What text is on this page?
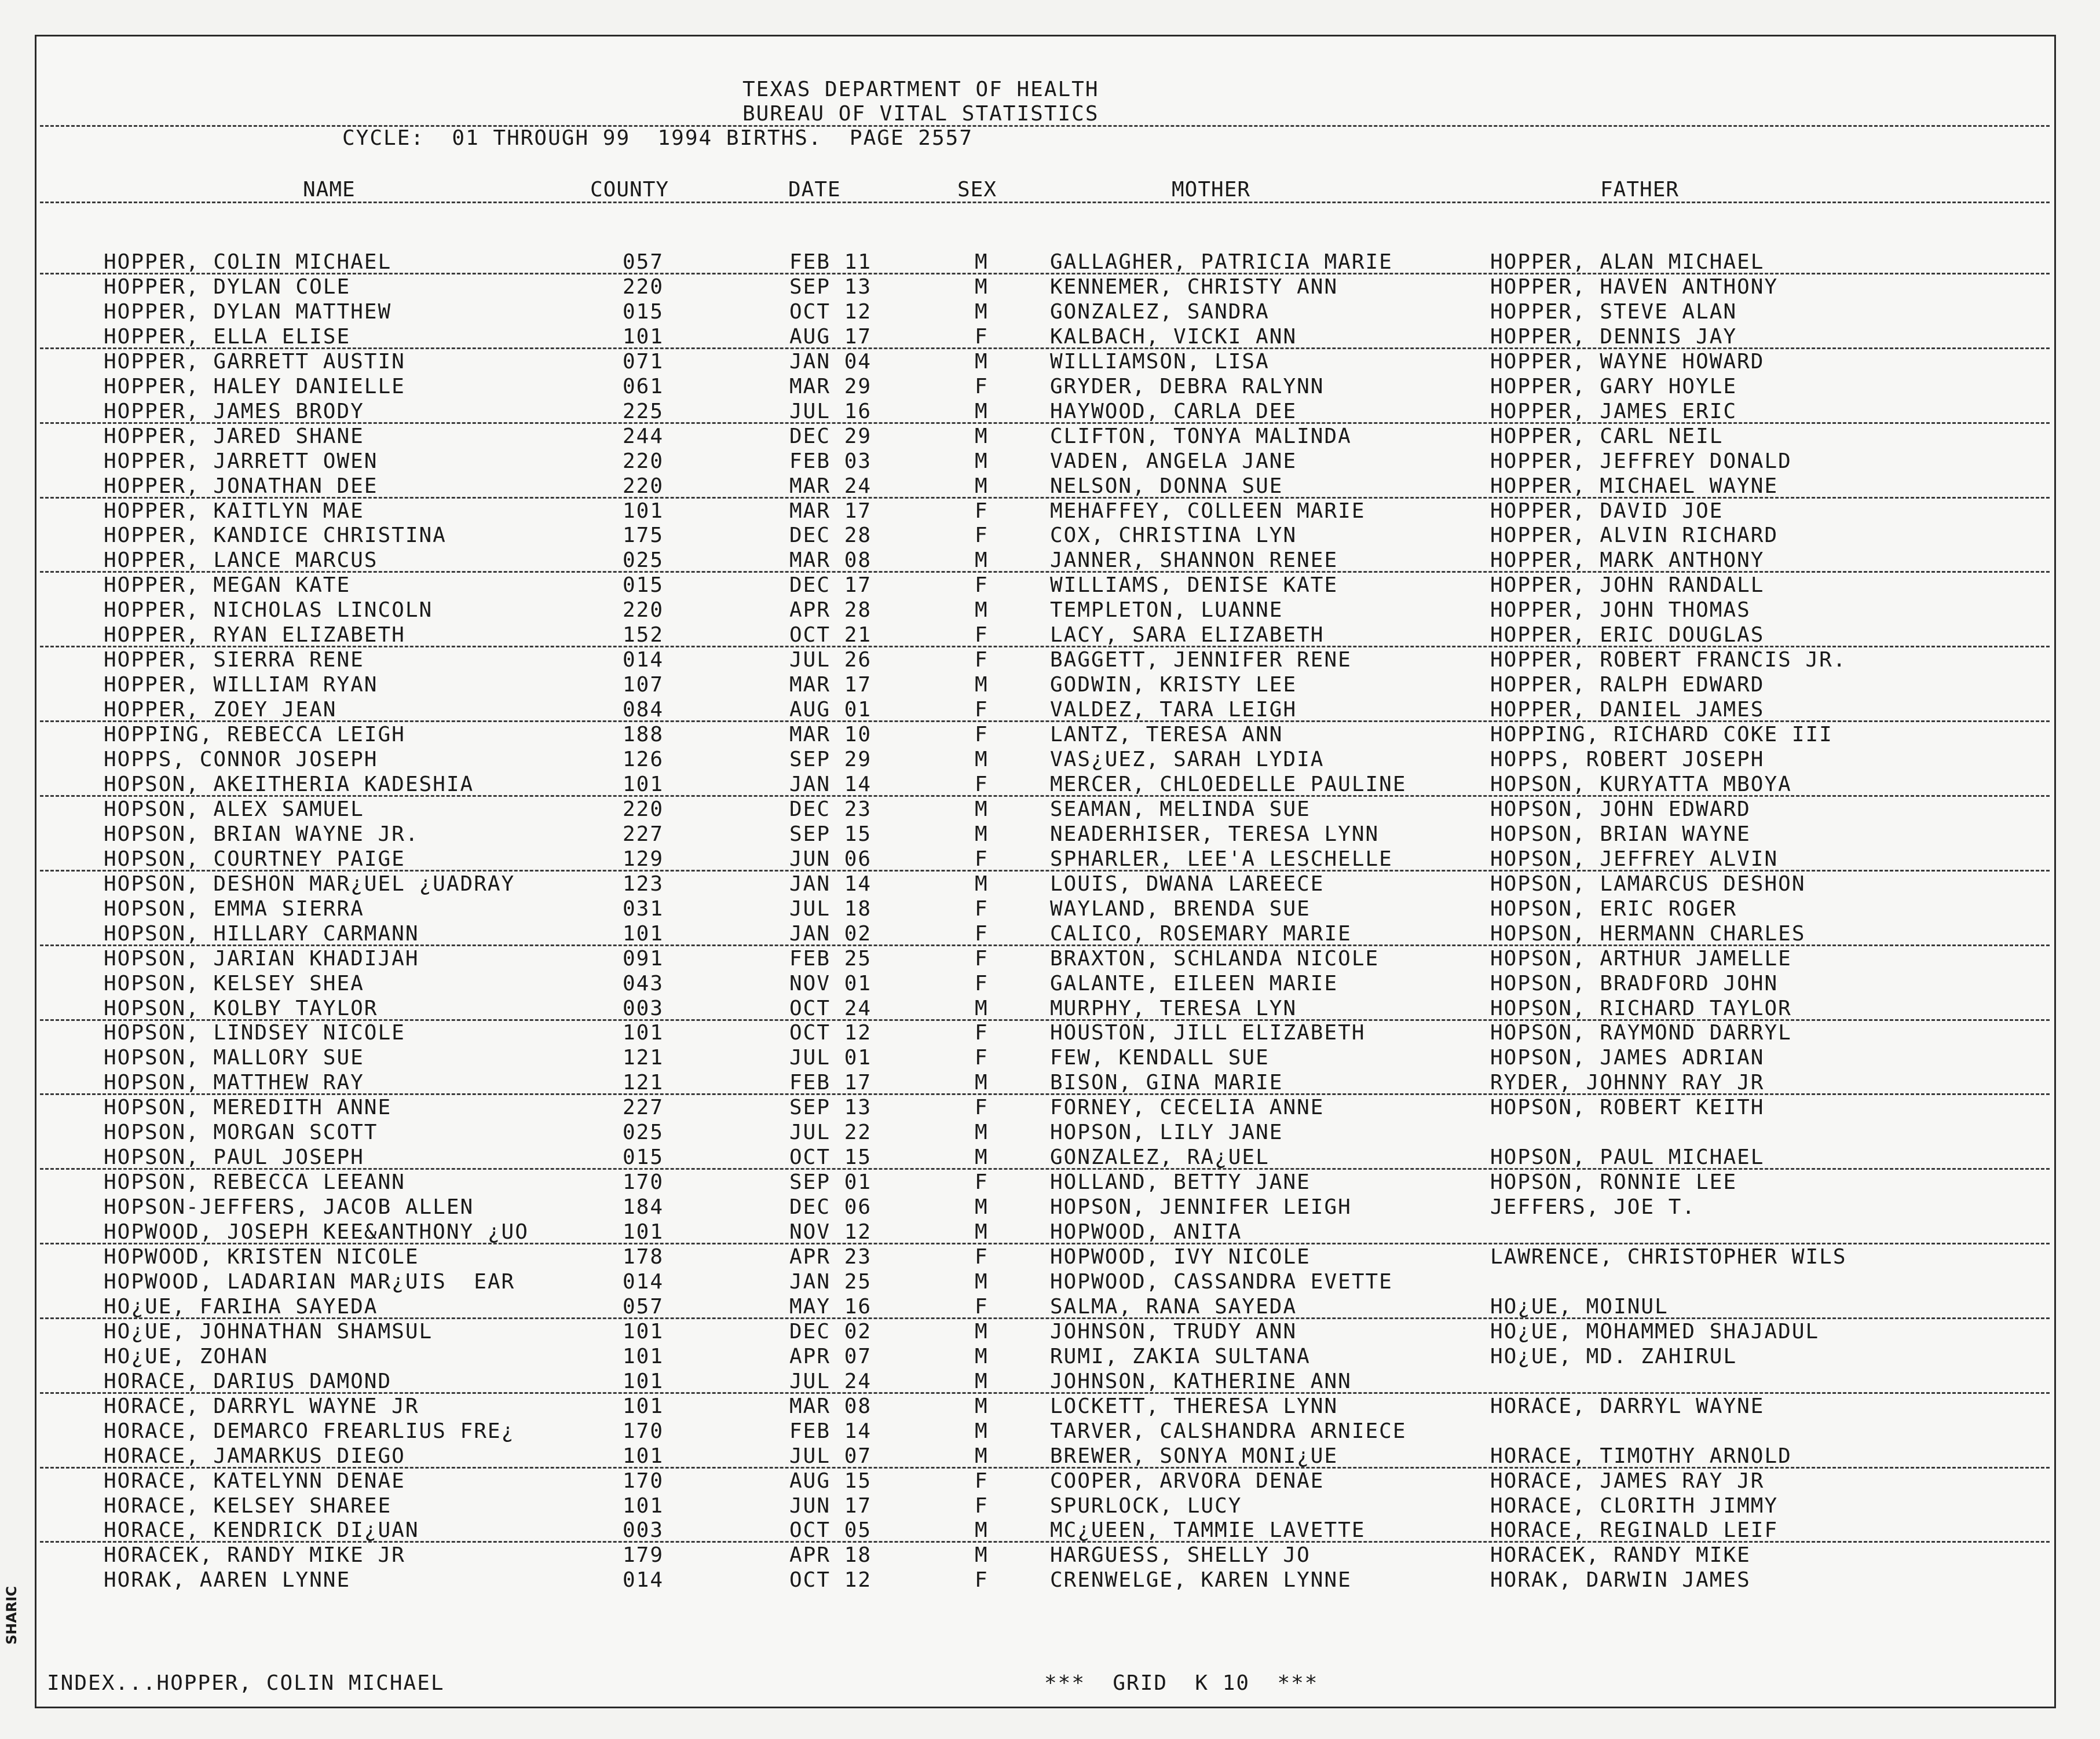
TEXAS DEPARTMENT OF HEALTH
BUREAU OF VITAL STATISTICS
CYCLE:  01 THROUGH 99  1994 BIRTHS.  PAGE 2557
NAME	COUNTY	DATE	SEX	MOTHER	FATHER
HOPPER, COLIN MICHAEL	057	FEB 11	M	GALLAGHER, PATRICIA MARIE	HOPPER, ALAN MICHAEL
HOPPER, DYLAN COLE	220	SEP 13	M	KENNEMER, CHRISTY ANN	HOPPER, HAVEN ANTHONY
HOPPER, DYLAN MATTHEW	015	OCT 12	M	GONZALEZ, SANDRA	HOPPER, STEVE ALAN
HOPPER, ELLA ELISE	101	AUG 17	F	KALBACH, VICKI ANN	HOPPER, DENNIS JAY
HOPPER, GARRETT AUSTIN	071	JAN 04	M	WILLIAMSON, LISA	HOPPER, WAYNE HOWARD
HOPPER, HALEY DANIELLE	061	MAR 29	F	GRYDER, DEBRA RALYNN	HOPPER, GARY HOYLE
HOPPER, JAMES BRODY	225	JUL 16	M	HAYWOOD, CARLA DEE	HOPPER, JAMES ERIC
HOPPER, JARED SHANE	244	DEC 29	M	CLIFTON, TONYA MALINDA	HOPPER, CARL NEIL
HOPPER, JARRETT OWEN	220	FEB 03	M	VADEN, ANGELA JANE	HOPPER, JEFFREY DONALD
HOPPER, JONATHAN DEE	220	MAR 24	M	NELSON, DONNA SUE	HOPPER, MICHAEL WAYNE
HOPPER, KAITLYN MAE	101	MAR 17	F	MEHAFFEY, COLLEEN MARIE	HOPPER, DAVID JOE
HOPPER, KANDICE CHRISTINA	175	DEC 28	F	COX, CHRISTINA LYN	HOPPER, ALVIN RICHARD
HOPPER, LANCE MARCUS	025	MAR 08	M	JANNER, SHANNON RENEE	HOPPER, MARK ANTHONY
HOPPER, MEGAN KATE	015	DEC 17	F	WILLIAMS, DENISE KATE	HOPPER, JOHN RANDALL
HOPPER, NICHOLAS LINCOLN	220	APR 28	M	TEMPLETON, LUANNE	HOPPER, JOHN THOMAS
HOPPER, RYAN ELIZABETH	152	OCT 21	F	LACY, SARA ELIZABETH	HOPPER, ERIC DOUGLAS
HOPPER, SIERRA RENE	014	JUL 26	F	BAGGETT, JENNIFER RENE	HOPPER, ROBERT FRANCIS JR.
HOPPER, WILLIAM RYAN	107	MAR 17	M	GODWIN, KRISTY LEE	HOPPER, RALPH EDWARD
HOPPER, ZOEY JEAN	084	AUG 01	F	VALDEZ, TARA LEIGH	HOPPER, DANIEL JAMES
HOPPING, REBECCA LEIGH	188	MAR 10	F	LANTZ, TERESA ANN	HOPPING, RICHARD COKE III
HOPPS, CONNOR JOSEPH	126	SEP 29	M	VAS¿UEZ, SARAH LYDIA	HOPPS, ROBERT JOSEPH
HOPSON, AKEITHERIA KADESHIA	101	JAN 14	F	MERCER, CHLOEDELLE PAULINE	HOPSON, KURYATTA MBOYA
HOPSON, ALEX SAMUEL	220	DEC 23	M	SEAMAN, MELINDA SUE	HOPSON, JOHN EDWARD
HOPSON, BRIAN WAYNE JR.	227	SEP 15	M	NEADERHISER, TERESA LYNN	HOPSON, BRIAN WAYNE
HOPSON, COURTNEY PAIGE	129	JUN 06	F	SPHARLER, LEE'A LESCHELLE	HOPSON, JEFFREY ALVIN
HOPSON, DESHON MAR¿UEL ¿UADRAY	123	JAN 14	M	LOUIS, DWANA LAREECE	HOPSON, LAMARCUS DESHON
HOPSON, EMMA SIERRA	031	JUL 18	F	WAYLAND, BRENDA SUE	HOPSON, ERIC ROGER
HOPSON, HILLARY CARMANN	101	JAN 02	F	CALICO, ROSEMARY MARIE	HOPSON, HERMANN CHARLES
HOPSON, JARIAN KHADIJAH	091	FEB 25	F	BRAXTON, SCHLANDA NICOLE	HOPSON, ARTHUR JAMELLE
HOPSON, KELSEY SHEA	043	NOV 01	F	GALANTE, EILEEN MARIE	HOPSON, BRADFORD JOHN
HOPSON, KOLBY TAYLOR	003	OCT 24	M	MURPHY, TERESA LYN	HOPSON, RICHARD TAYLOR
HOPSON, LINDSEY NICOLE	101	OCT 12	F	HOUSTON, JILL ELIZABETH	HOPSON, RAYMOND DARRYL
HOPSON, MALLORY SUE	121	JUL 01	F	FEW, KENDALL SUE	HOPSON, JAMES ADRIAN
HOPSON, MATTHEW RAY	121	FEB 17	M	BISON, GINA MARIE	RYDER, JOHNNY RAY JR
HOPSON, MEREDITH ANNE	227	SEP 13	F	FORNEY, CECELIA ANNE	HOPSON, ROBERT KEITH
HOPSON, MORGAN SCOTT	025	JUL 22	M	HOPSON, LILY JANE
HOPSON, PAUL JOSEPH	015	OCT 15	M	GONZALEZ, RA¿UEL	HOPSON, PAUL MICHAEL
HOPSON, REBECCA LEEANN	170	SEP 01	F	HOLLAND, BETTY JANE	HOPSON, RONNIE LEE
HOPSON-JEFFERS, JACOB ALLEN	184	DEC 06	M	HOPSON, JENNIFER LEIGH	JEFFERS, JOE T.
HOPWOOD, JOSEPH KEE&ANTHONY ¿UO	101	NOV 12	M	HOPWOOD, ANITA
HOPWOOD, KRISTEN NICOLE	178	APR 23	F	HOPWOOD, IVY NICOLE	LAWRENCE, CHRISTOPHER WILS
HOPWOOD, LADARIAN MAR¿UIS  EAR	014	JAN 25	M	HOPWOOD, CASSANDRA EVETTE
HO¿UE, FARIHA SAYEDA	057	MAY 16	F	SALMA, RANA SAYEDA	HO¿UE, MOINUL
HO¿UE, JOHNATHAN SHAMSUL	101	DEC 02	M	JOHNSON, TRUDY ANN	HO¿UE, MOHAMMED SHAJADUL
HO¿UE, ZOHAN	101	APR 07	M	RUMI, ZAKIA SULTANA	HO¿UE, MD. ZAHIRUL
HORACE, DARIUS DAMOND	101	JUL 24	M	JOHNSON, KATHERINE ANN
HORACE, DARRYL WAYNE JR	101	MAR 08	M	LOCKETT, THERESA LYNN	HORACE, DARRYL WAYNE
HORACE, DEMARCO FREARLIUS FRE¿	170	FEB 14	M	TARVER, CALSHANDRA ARNIECE
HORACE, JAMARKUS DIEGO	101	JUL 07	M	BREWER, SONYA MONI¿UE	HORACE, TIMOTHY ARNOLD
HORACE, KATELYNN DENAE	170	AUG 15	F	COOPER, ARVORA DENAE	HORACE, JAMES RAY JR
HORACE, KELSEY SHAREE	101	JUN 17	F	SPURLOCK, LUCY	HORACE, CLORITH JIMMY
HORACE, KENDRICK DI¿UAN	003	OCT 05	M	MC¿UEEN, TAMMIE LAVETTE	HORACE, REGINALD LEIF
HORACEK, RANDY MIKE JR	179	APR 18	M	HARGUESS, SHELLY JO	HORACEK, RANDY MIKE
HORAK, AAREN LYNNE	014	OCT 12	F	CRENWELGE, KAREN LYNNE	HORAK, DARWIN JAMES
INDEX...HOPPER, COLIN MICHAEL	***  GRID  K 10  ***
SHARIC
